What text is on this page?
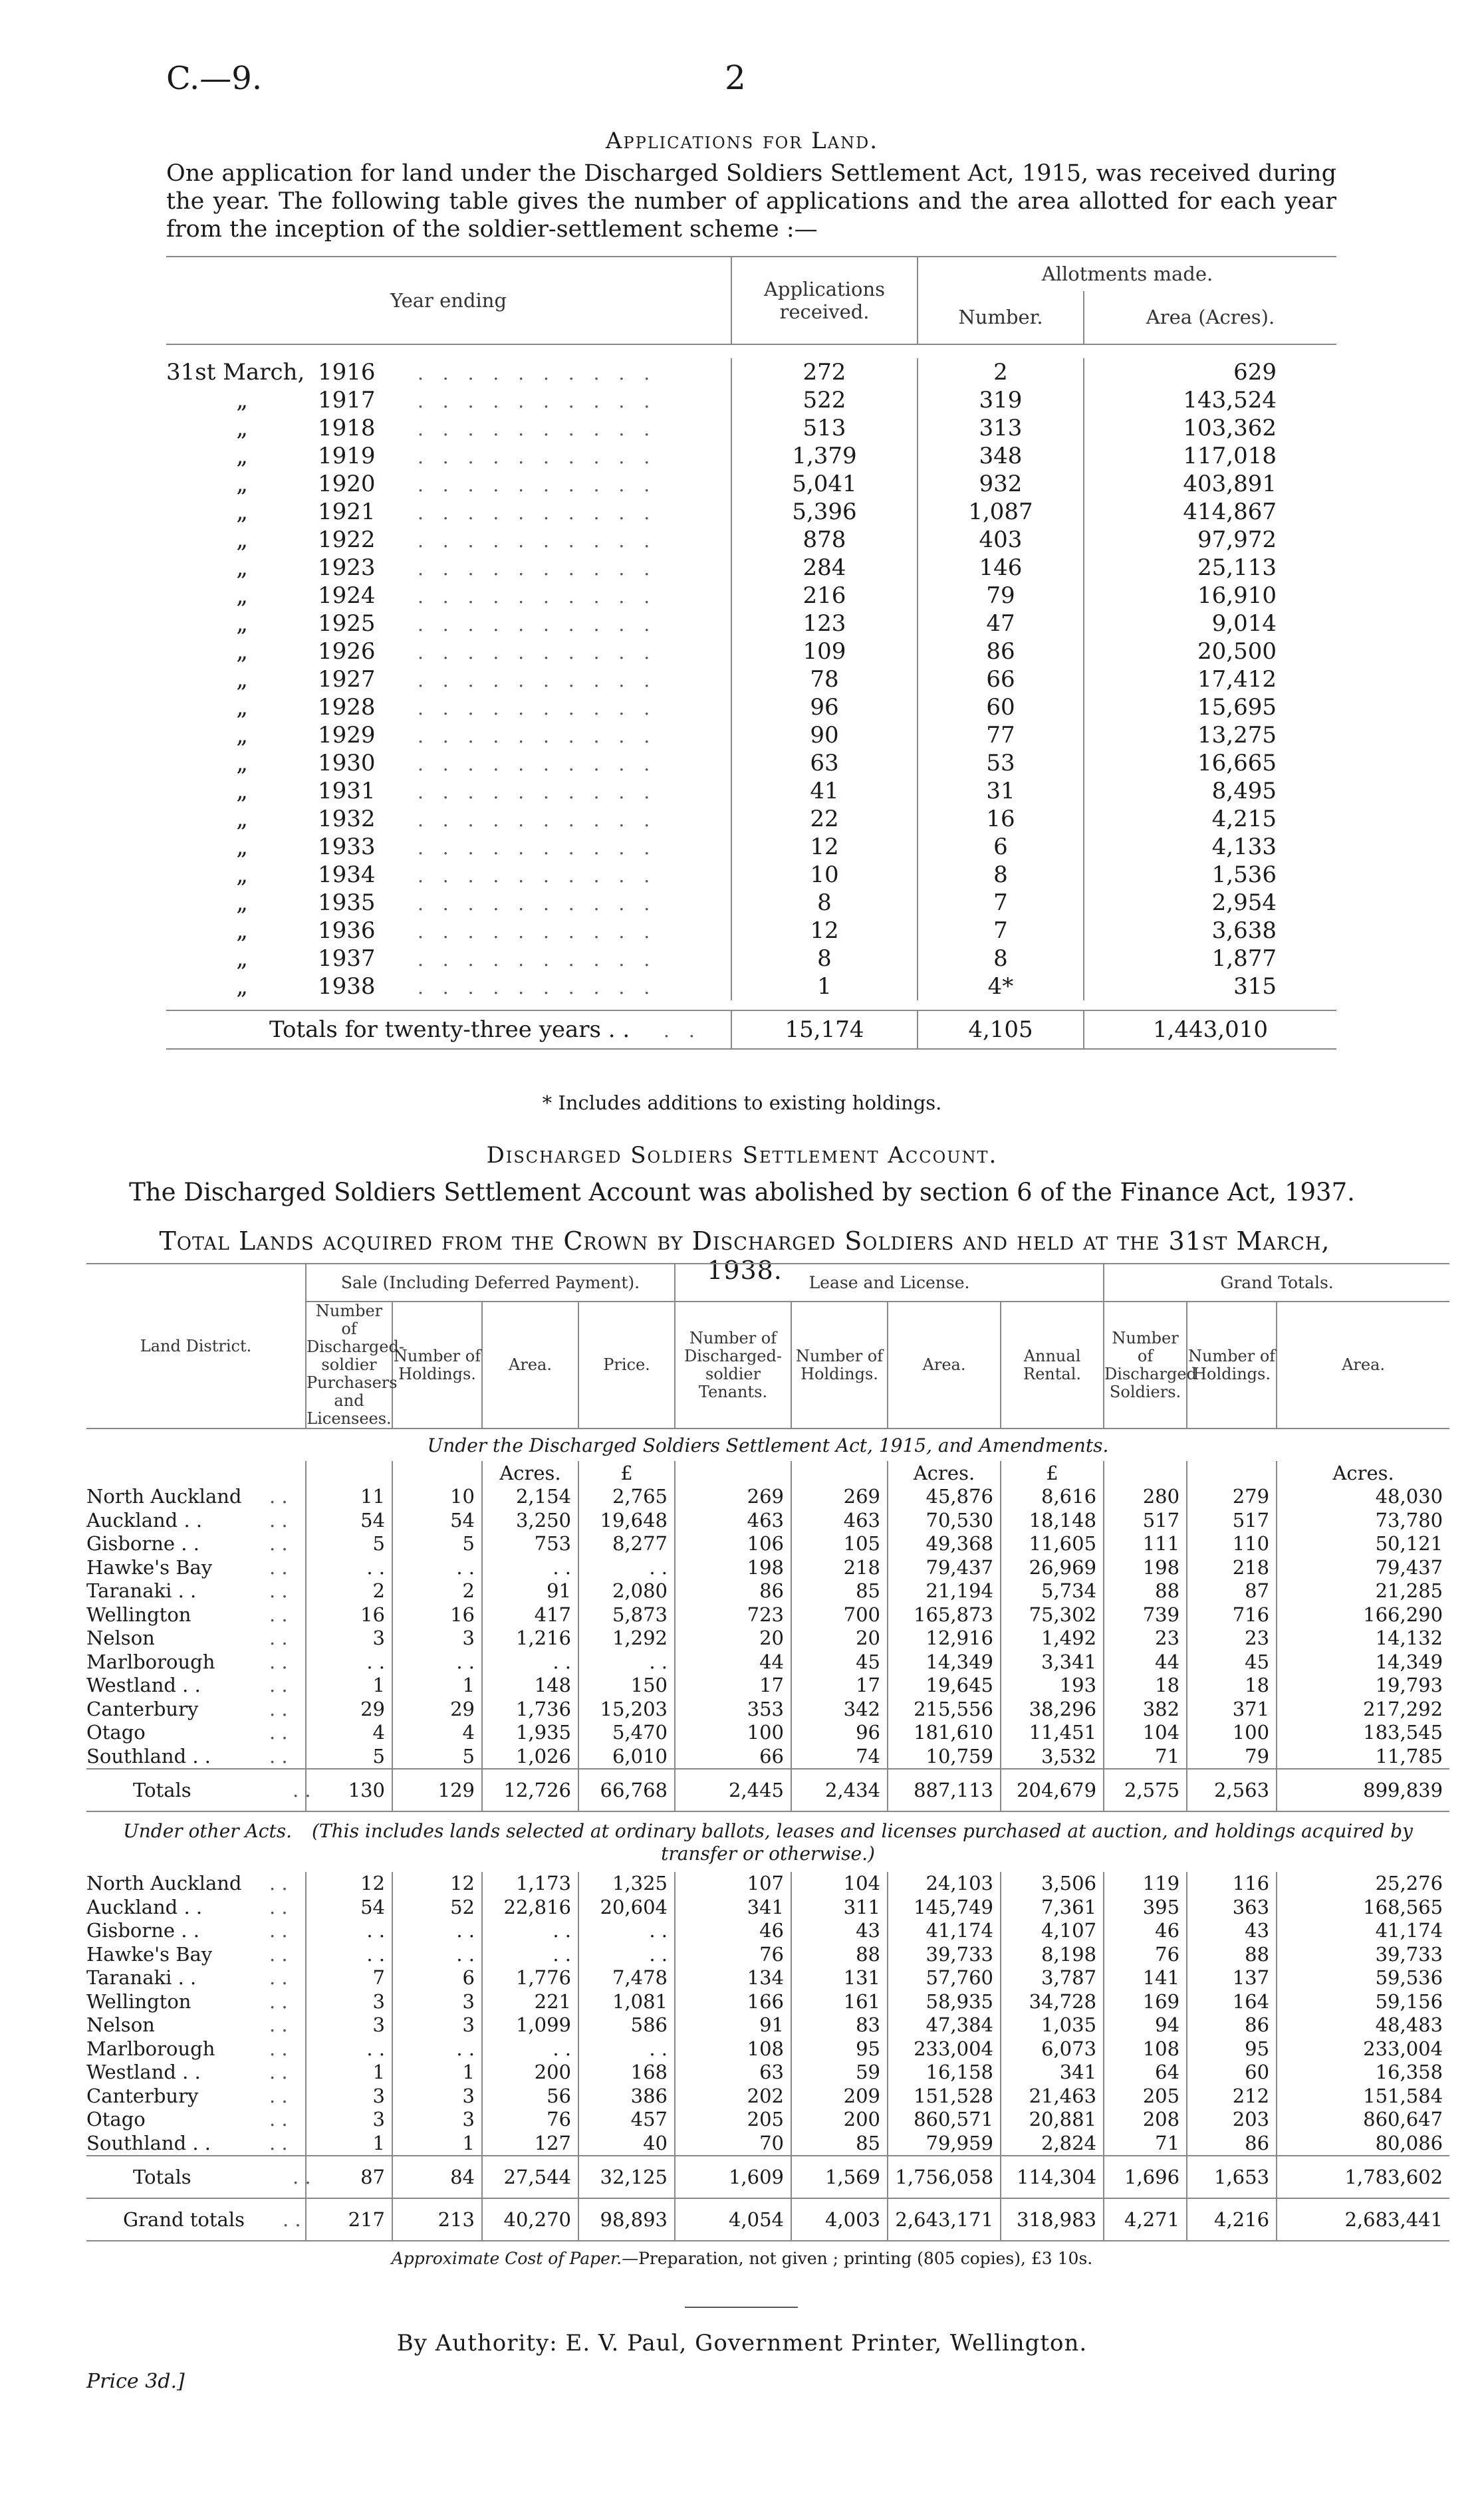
C.—9.	2
Applications for Land.
One application for land under the Discharged Soldiers Settlement Act, 1915, was received during the year. The following table gives the number of applications and the area allotted for each year from the inception of the soldier-settlement scheme :—
Year ending	Applications received.	Allotments made.	
		Number.	Area (Acres).

31st March, 1916 . . . . . . . . . .	272	2	629
„ 1917 . . . . . . . . . .	522	319	143,524
„ 1918 . . . . . . . . . .	513	313	103,362
„ 1919 . . . . . . . . . .	1,379	348	117,018
„ 1920 . . . . . . . . . .	5,041	932	403,891
„ 1921 . . . . . . . . . .	5,396	1,087	414,867
„ 1922 . . . . . . . . . .	878	403	97,972
„ 1923 . . . . . . . . . .	284	146	25,113
„ 1924 . . . . . . . . . .	216	79	16,910
„ 1925 . . . . . . . . . .	123	47	9,014
„ 1926 . . . . . . . . . .	109	86	20,500
„ 1927 . . . . . . . . . .	78	66	17,412
„ 1928 . . . . . . . . . .	96	60	15,695
„ 1929 . . . . . . . . . .	90	77	13,275
„ 1930 . . . . . . . . . .	63	53	16,665
„ 1931 . . . . . . . . . .	41	31	8,495
„ 1932 . . . . . . . . . .	22	16	4,215
„ 1933 . . . . . . . . . .	12	6	4,133
„ 1934 . . . . . . . . . .	10	8	1,536
„ 1935 . . . . . . . . . .	8	7	2,954
„ 1936 . . . . . . . . . .	12	7	3,638
„ 1937 . . . . . . . . . .	8	8	1,877
„ 1938 . . . . . . . . . .	1	4*	315

Totals for twenty-three years . . . .	15,174	4,105	1,443,010
* Includes additions to existing holdings.
Discharged Soldiers Settlement Account.
The Discharged Soldiers Settlement Account was abolished by section 6 of the Finance Act, 1937.
Total Lands acquired from the Crown by Discharged Soldiers and held at the 31st March, 1938.
Land District.	Sale (Including Deferred Payment).				Lease and License.				Grand Totals.		
	Number of Discharged-soldier Purchasers and Licensees.	Number of Holdings.	Area.	Price.	Number of Discharged-soldier Tenants.	Number of Holdings.	Area.	Annual Rental.	Number of Discharged Soldiers.	Number of Holdings.	Area.
Under the Discharged Soldiers Settlement Act, 1915, and Amendments.											
			Acres.	£			Acres.	£			Acres.
North Auckland . .	11	10	2,154	2,765	269	269	45,876	8,616	280	279	48,030
Auckland . . . .	54	54	3,250	19,648	463	463	70,530	18,148	517	517	73,780
Gisborne . . . .	5	5	753	8,277	106	105	49,368	11,605	111	110	50,121
Hawke's Bay . .	. .	. .	. .	. .	198	218	79,437	26,969	198	218	79,437
Taranaki . . . .	2	2	91	2,080	86	85	21,194	5,734	88	87	21,285
Wellington . .	16	16	417	5,873	723	700	165,873	75,302	739	716	166,290
Nelson . .	3	3	1,216	1,292	20	20	12,916	1,492	23	23	14,132
Marlborough . .	. .	. .	. .	. .	44	45	14,349	3,341	44	45	14,349
Westland . . . .	1	1	148	150	17	17	19,645	193	18	18	19,793
Canterbury . .	29	29	1,736	15,203	353	342	215,556	38,296	382	371	217,292
Otago . .	4	4	1,935	5,470	100	96	181,610	11,451	104	100	183,545
Southland . . . .	5	5	1,026	6,010	66	74	10,759	3,532	71	79	11,785
Totals . .	130	129	12,726	66,768	2,445	2,434	887,113	204,679	2,575	2,563	899,839
Under other Acts. (This includes lands selected at ordinary ballots, leases and licenses purchased at auction, and holdings acquired by transfer or otherwise.)											
North Auckland . .	12	12	1,173	1,325	107	104	24,103	3,506	119	116	25,276
Auckland . . . .	54	52	22,816	20,604	341	311	145,749	7,361	395	363	168,565
Gisborne . . . .	. .	. .	. .	. .	46	43	41,174	4,107	46	43	41,174
Hawke's Bay . .	. .	. .	. .	. .	76	88	39,733	8,198	76	88	39,733
Taranaki . . . .	7	6	1,776	7,478	134	131	57,760	3,787	141	137	59,536
Wellington . .	3	3	221	1,081	166	161	58,935	34,728	169	164	59,156
Nelson . .	3	3	1,099	586	91	83	47,384	1,035	94	86	48,483
Marlborough . .	. .	. .	. .	. .	108	95	233,004	6,073	108	95	233,004
Westland . . . .	1	1	200	168	63	59	16,158	341	64	60	16,358
Canterbury . .	3	3	56	386	202	209	151,528	21,463	205	212	151,584
Otago . .	3	3	76	457	205	200	860,571	20,881	208	203	860,647
Southland . . . .	1	1	127	40	70	85	79,959	2,824	71	86	80,086
Totals . .	87	84	27,544	32,125	1,609	1,569	1,756,058	114,304	1,696	1,653	1,783,602
Grand totals . .	217	213	40,270	98,893	4,054	4,003	2,643,171	318,983	4,271	4,216	2,683,441
Approximate Cost of Paper.—Preparation, not given ; printing (805 copies), £3 10s.
By Authority: E. V. Paul, Government Printer, Wellington.
Price 3d.]
